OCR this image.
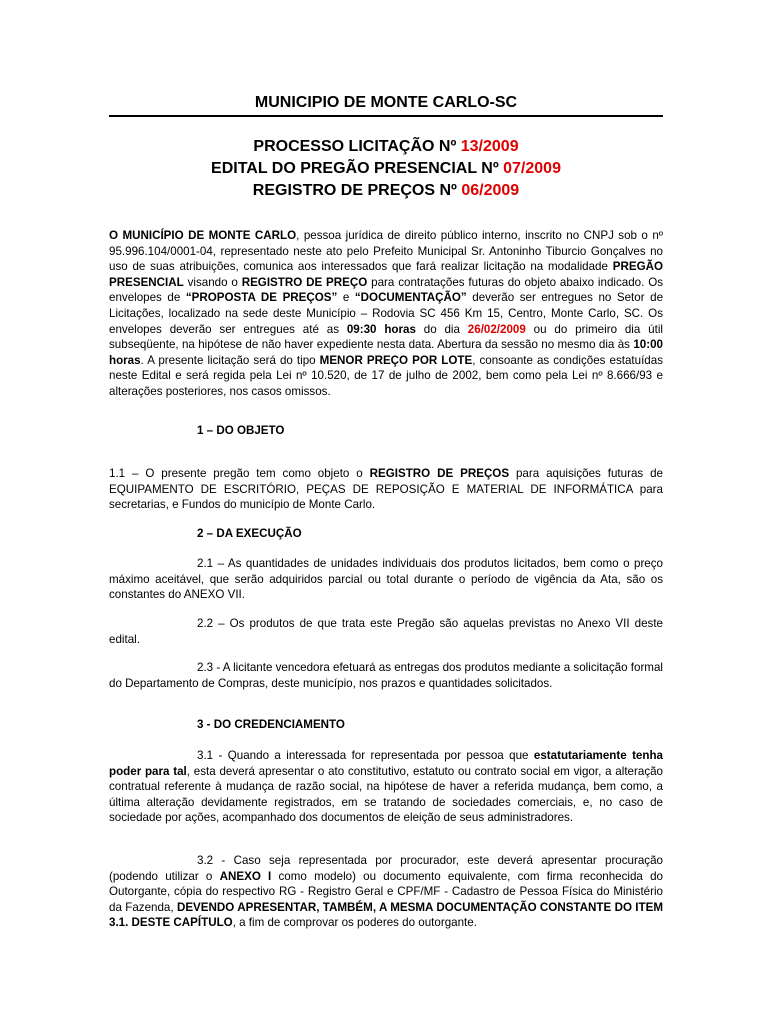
MUNICIPIO DE MONTE CARLO-SC

PROCESSO LICITAÇÃO Nº 13/2009
EDITAL DO PREGÃO PRESENCIAL Nº 07/2009
REGISTRO DE PREÇOS Nº 06/2009

O MUNICÍPIO DE MONTE CARLO, pessoa jurídica de direito público interno, inscrito no CNPJ sob o nº 95.996.104/0001-04, representado neste ato pelo Prefeito Municipal Sr. Antoninho Tiburcio Gonçalves no uso de suas atribuições, comunica aos interessados que fará realizar licitação na modalidade PREGÃO PRESENCIAL visando o REGISTRO DE PREÇO para contratações futuras do objeto abaixo indicado. Os envelopes de “PROPOSTA DE PREÇOS” e “DOCUMENTAÇÃO” deverão ser entregues no Setor de Licitações, localizado na sede deste Município – Rodovia SC 456 Km 15, Centro, Monte Carlo, SC. Os envelopes deverão ser entregues até as 09:30 horas do dia 26/02/2009 ou do primeiro dia útil subseqüente, na hipótese de não haver expediente nesta data. Abertura da sessão no mesmo dia às 10:00 horas. A presente licitação será do tipo MENOR PREÇO POR LOTE, consoante as condições estatuídas neste Edital e será regida pela Lei nº 10.520, de 17 de julho de 2002, bem como pela Lei nº 8.666/93 e alterações posteriores, nos casos omissos.

1 – DO OBJETO

1.1 – O presente pregão tem como objeto o REGISTRO DE PREÇOS para aquisições futuras de EQUIPAMENTO DE ESCRITÓRIO, PEÇAS DE REPOSIÇÃO E MATERIAL DE INFORMÁTICA para secretarias, e Fundos do município de Monte Carlo.

2 – DA EXECUÇÃO

2.1 – As quantidades de unidades individuais dos produtos licitados, bem como o preço máximo aceitável, que serão adquiridos parcial ou total durante o período de vigência da Ata, são os constantes do ANEXO VII.

2.2 – Os produtos de que trata este Pregão são aquelas previstas no Anexo VII deste edital.

2.3 - A licitante vencedora efetuará as entregas dos produtos mediante a solicitação formal do Departamento de Compras, deste município, nos prazos e quantidades solicitados.

3 - DO CREDENCIAMENTO

3.1 - Quando a interessada for representada por pessoa que estatutariamente tenha poder para tal, esta deverá apresentar o ato constitutivo, estatuto ou contrato social em vigor, a alteração contratual referente à mudança de razão social, na hipótese de haver a referida mudança, bem como, a última alteração devidamente registrados, em se tratando de sociedades comerciais, e, no caso de sociedade por ações, acompanhado dos documentos de eleição de seus administradores.

3.2 - Caso seja representada por procurador, este deverá apresentar procuração (podendo utilizar o ANEXO I como modelo) ou documento equivalente, com firma reconhecida do Outorgante, cópia do respectivo RG - Registro Geral e CPF/MF - Cadastro de Pessoa Física do Ministério da Fazenda, DEVENDO APRESENTAR, TAMBÉM, A MESMA DOCUMENTAÇÃO CONSTANTE DO ITEM 3.1. DESTE CAPÍTULO, a fim de comprovar os poderes do outorgante.
